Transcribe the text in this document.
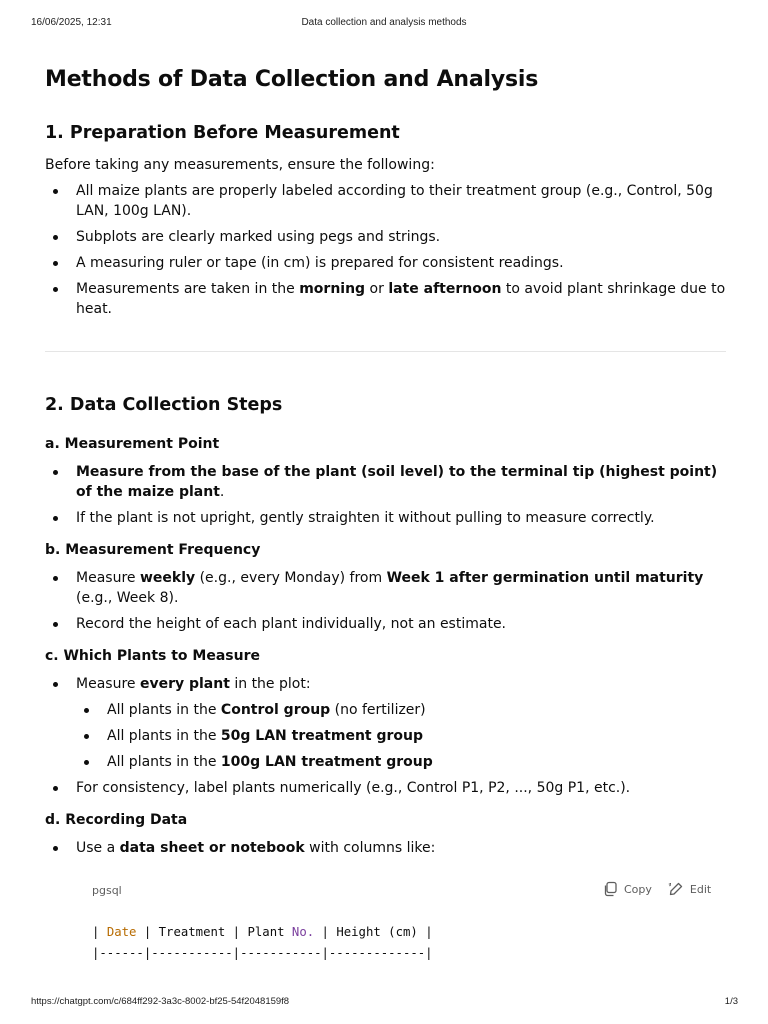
16/06/2025, 12:31	Data collection and analysis methods
Methods of Data Collection and Analysis
1. Preparation Before Measurement

Before taking any measurements, ensure the following:

All maize plants are properly labeled according to their treatment group (e.g., Control, 50g LAN, 100g LAN).
Subplots are clearly marked using pegs and strings.
A measuring ruler or tape (in cm) is prepared for consistent readings.
Measurements are taken in the morning or late afternoon to avoid plant shrinkage due to heat.
2. Data Collection Steps
a. Measurement Point
Measure from the base of the plant (soil level) to the terminal tip (highest point) of the maize plant.
If the plant is not upright, gently straighten it without pulling to measure correctly.
b. Measurement Frequency
Measure weekly (e.g., every Monday) from Week 1 after germination until maturity (e.g., Week 8).
Record the height of each plant individually, not an estimate.
c. Which Plants to Measure
Measure every plant in the plot:
All plants in the Control group (no fertilizer)
All plants in the 50g LAN treatment group
All plants in the 100g LAN treatment group
For consistency, label plants numerically (e.g., Control P1, P2, ..., 50g P1, etc.).
d. Recording Data
Use a data sheet or notebook with columns like:
pgsql	Copy	Edit
| Date | Treatment | Plant No. | Height (cm) |
|------|-----------|-----------|-------------|
https://chatgpt.com/c/684ff292-3a3c-8002-bf25-54f2048159f8	1/3
